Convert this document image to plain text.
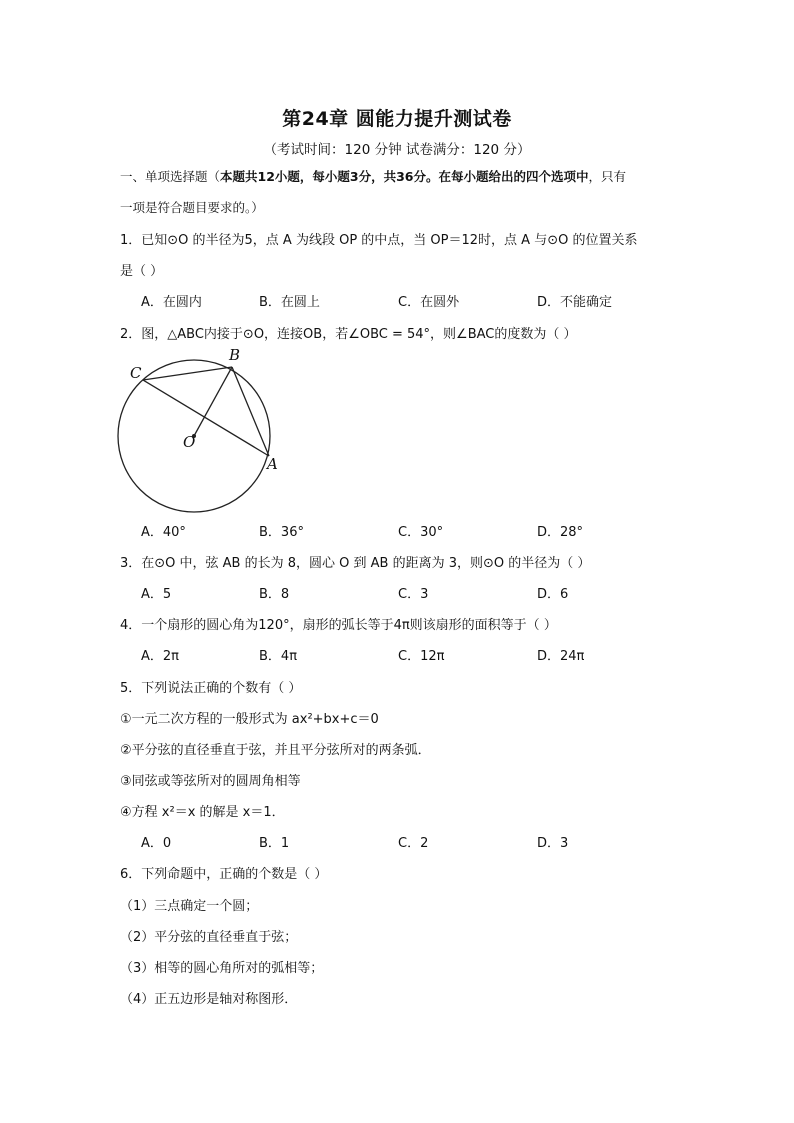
第24章 圆能力提升测试卷
（考试时间：120 分钟 试卷满分：120 分）
一、单项选择题（本题共12小题，每小题3分，共36分。在每小题给出的四个选项中，只有
一项是符合题目要求的。）
1．已知⊙O 的半径为5，点 A 为线段 OP 的中点，当 OP＝12时，点 A 与⊙O 的位置关系
是（ ）
A．在圆内	B．在圆上	C．在圆外	D．不能确定
2．图，△ABC内接于⊙O，连接OB，若∠OBC = 54°，则∠BAC的度数为（ ）
C
B
O
A
A．40°	B．36°	C．30°	D．28°
3．在⊙O 中，弦 AB 的长为 8，圆心 O 到 AB 的距离为 3，则⊙O 的半径为（ ）
A．5	B．8	C．3	D．6
4．一个扇形的圆心角为120°，扇形的弧长等于4π则该扇形的面积等于（ ）
A．2π	B．4π	C．12π	D．24π
5．下列说法正确的个数有（ ）
①一元二次方程的一般形式为 ax²+bx+c＝0
②平分弦的直径垂直于弦，并且平分弦所对的两条弧．
③同弦或等弦所对的圆周角相等
④方程 x²＝x 的解是 x＝1．
A．0	B．1	C．2	D．3
6．下列命题中，正确的个数是（ ）
（1）三点确定一个圆；
（2）平分弦的直径垂直于弦；
（3）相等的圆心角所对的弧相等；
（4）正五边形是轴对称图形．
